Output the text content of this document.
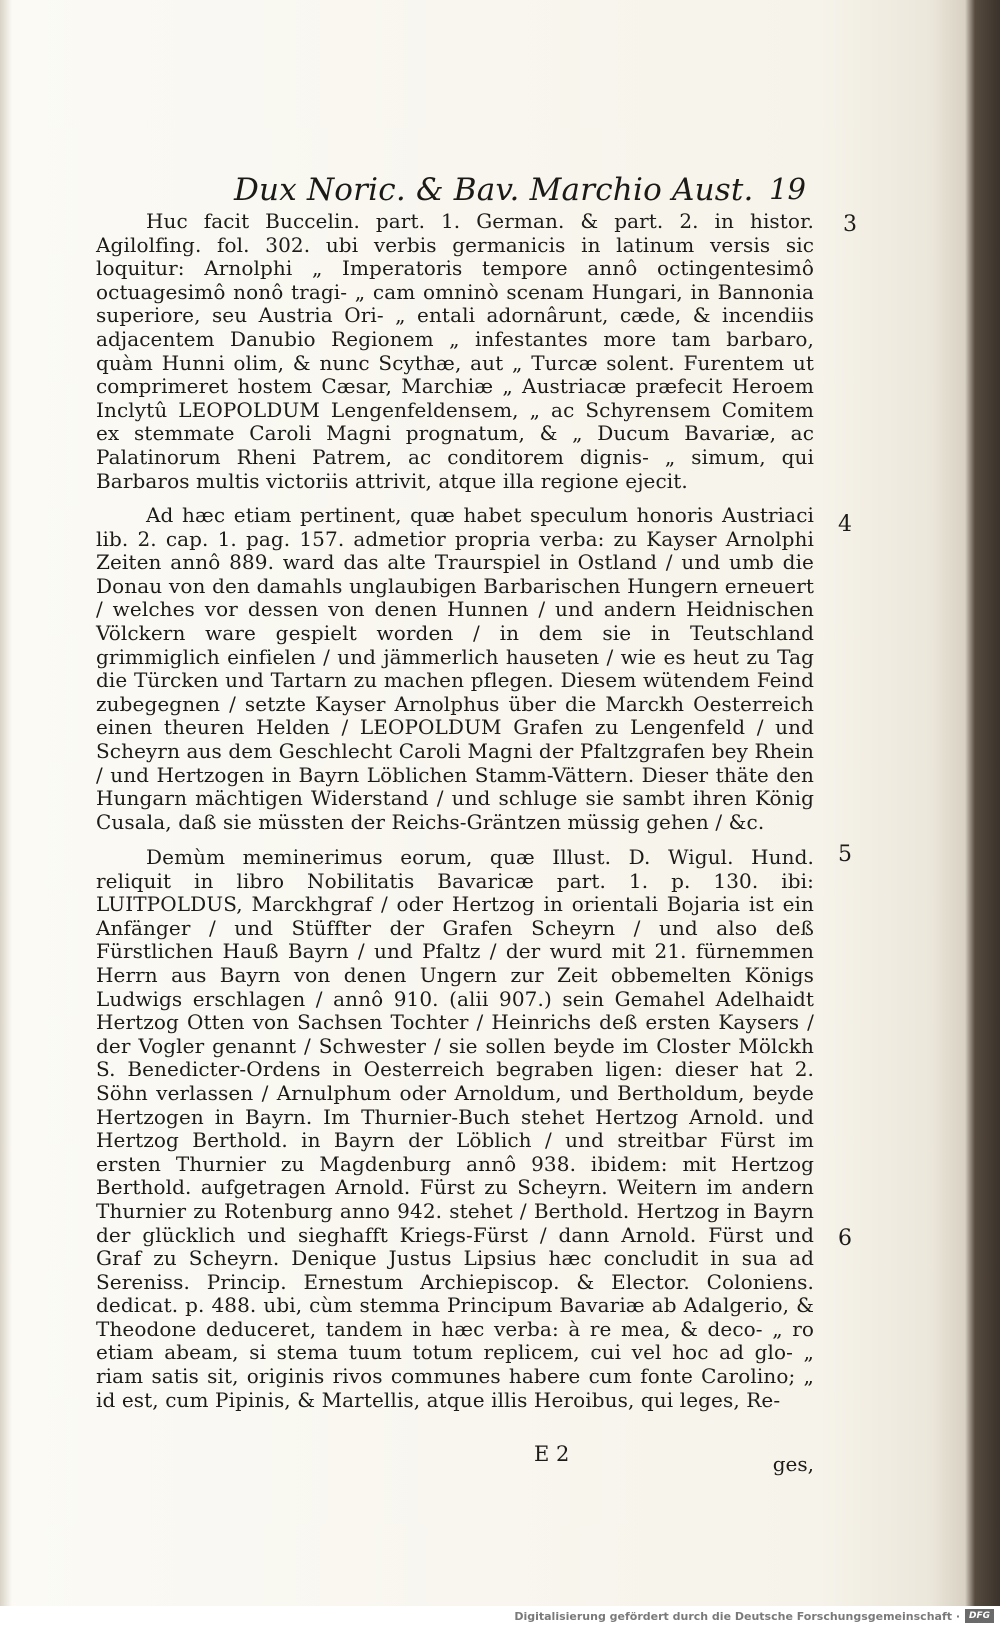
Dux Noric. & Bav. Marchio Aust. 19
3

Huc facit Buccelin. part. 1. German. & part. 2. in histor. Agilolfing. fol. 302. ubi verbis germanicis in latinum versis sic loquitur: Arnolphi „ Imperatoris tempore annô octingentesimô octuagesimô nonô tragi- „ cam omninò scenam Hungari, in Bannonia superiore, seu Austria Ori- „ entali adornârunt, cæde, & incendiis adjacentem Danubio Regionem „ infestantes more tam barbaro, quàm Hunni olim, & nunc Scythæ, aut „ Turcæ solent. Furentem ut comprimeret hostem Cæsar, Marchiæ „ Austriacæ præfecit Heroem Inclytû LEOPOLDUM Lengenfeldensem, „ ac Schyrensem Comitem ex stemmate Caroli Magni prognatum, & „ Ducum Bavariæ, ac Palatinorum Rheni Patrem, ac conditorem dignis- „ simum, qui Barbaros multis victoriis attrivit, atque illa regione ejecit.

4

Ad hæc etiam pertinent, quæ habet speculum honoris Austriaci lib. 2. cap. 1. pag. 157. admetior propria verba: zu Kayser Arnolphi Zeiten annô 889. ward das alte Traurspiel in Ostland / und umb die Donau von den damahls unglaubigen Barbarischen Hungern erneuert / welches vor dessen von denen Hunnen / und andern Heidnischen Völckern ware gespielt worden / in dem sie in Teutschland grimmiglich einfielen / und jämmerlich hauseten / wie es heut zu Tag die Türcken und Tartarn zu machen pflegen. Diesem wütendem Feind zubegegnen / setzte Kayser Arnolphus über die Marckh Oesterreich einen theuren Helden / LEOPOLDUM Grafen zu Lengenfeld / und Scheyrn aus dem Geschlecht Caroli Magni der Pfaltzgrafen bey Rhein / und Hertzogen in Bayrn Löblichen Stamm-Vättern. Dieser thäte den Hungarn mächtigen Widerstand / und schluge sie sambt ihren König Cusala, daß sie müssten der Reichs-Gräntzen müssig gehen / &c.

5
6

Demùm meminerimus eorum, quæ Illust. D. Wigul. Hund. reliquit in libro Nobilitatis Bavaricæ part. 1. p. 130. ibi: LUITPOLDUS, Marckhgraf / oder Hertzog in orientali Bojaria ist ein Anfänger / und Stüffter der Grafen Scheyrn / und also deß Fürstlichen Hauß Bayrn / und Pfaltz / der wurd mit 21. fürnemmen Herrn aus Bayrn von denen Ungern zur Zeit obbemelten Königs Ludwigs erschlagen / annô 910. (alii 907.) sein Gemahel Adelhaidt Hertzog Otten von Sachsen Tochter / Heinrichs deß ersten Kaysers / der Vogler genannt / Schwester / sie sollen beyde im Closter Mölckh S. Benedicter-Ordens in Oesterreich begraben ligen: dieser hat 2. Söhn verlassen / Arnulphum oder Arnoldum, und Bertholdum, beyde Hertzogen in Bayrn. Im Thurnier-Buch stehet Hertzog Arnold. und Hertzog Berthold. in Bayrn der Löblich / und streitbar Fürst im ersten Thurnier zu Magdenburg annô 938. ibidem: mit Hertzog Berthold. aufgetragen Arnold. Fürst zu Scheyrn. Weitern im andern Thurnier zu Rotenburg anno 942. stehet / Berthold. Hertzog in Bayrn der glücklich und sieghafft Kriegs-Fürst / dann Arnold. Fürst und Graf zu Scheyrn. Denique Justus Lipsius hæc concludit in sua ad Sereniss. Princip. Ernestum Archiepiscop. & Elector. Coloniens. dedicat. p. 488. ubi, cùm stemma Principum Bavariæ ab Adalgerio, & Theodone deduceret, tandem in hæc verba: à re mea, & deco- „ ro etiam abeam, si stema tuum totum replicem, cui vel hoc ad glo- „ riam satis sit, originis rivos communes habere cum fonte Carolino; „ id est, cum Pipinis, & Martellis, atque illis Heroibus, qui leges, Re-

E 2	ges,
Digitalisierung gefördert durch die Deutsche Forschungsgemeinschaft · DFG
